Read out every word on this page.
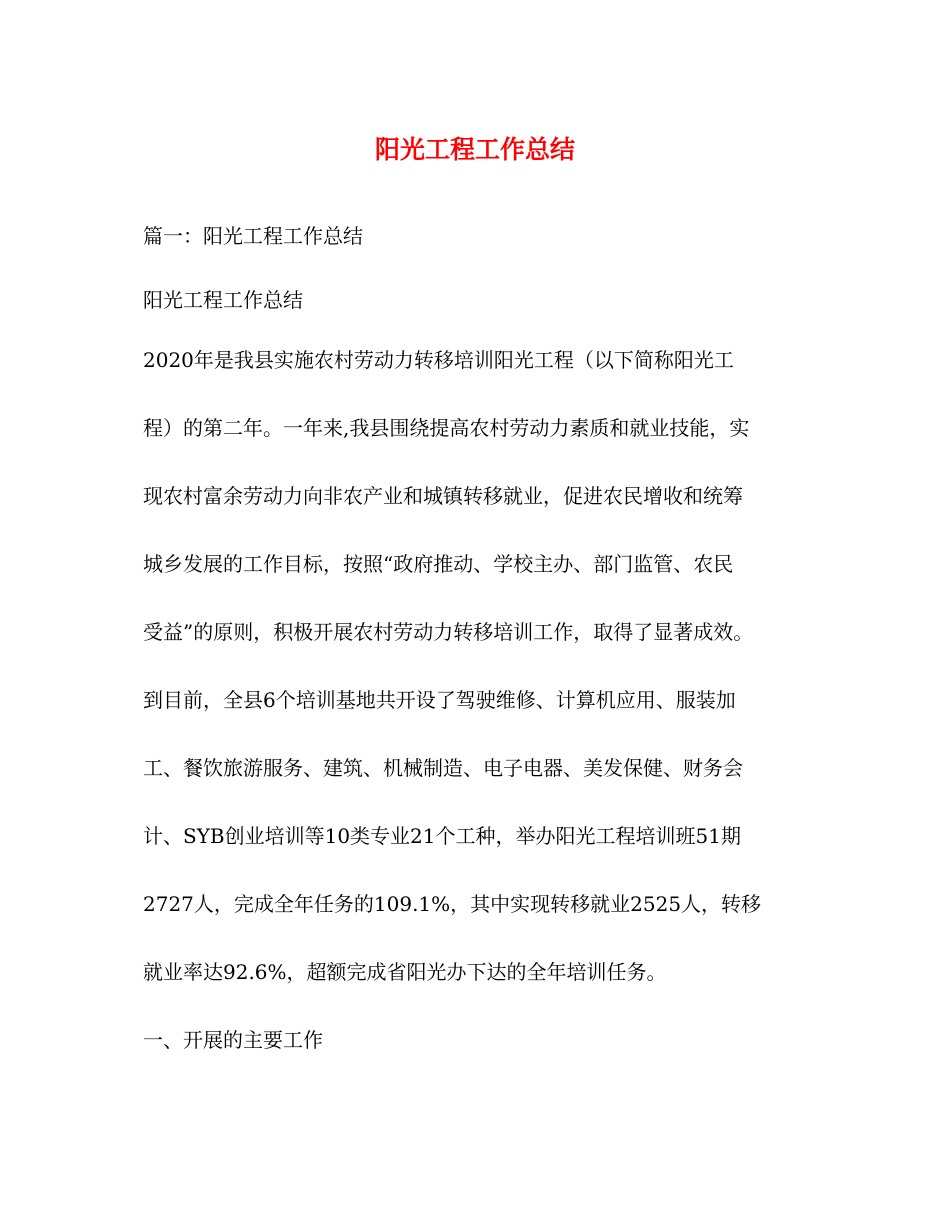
阳光工程工作总结
篇一：阳光工程工作总结
阳光工程工作总结
2020年是我县实施农村劳动力转移培训阳光工程（以下简称阳光工
程）的第二年。一年来,我县围绕提高农村劳动力素质和就业技能，实
现农村富余劳动力向非农产业和城镇转移就业，促进农民增收和统筹
城乡发展的工作目标，按照“政府推动、学校主办、部门监管、农民
受益”的原则，积极开展农村劳动力转移培训工作，取得了显著成效。
到目前，全县6个培训基地共开设了驾驶维修、计算机应用、服装加
工、餐饮旅游服务、建筑、机械制造、电子电器、美发保健、财务会
计、SYB创业培训等10类专业21个工种，举办阳光工程培训班51期
2727人，完成全年任务的109.1%，其中实现转移就业2525人，转移
就业率达92.6%，超额完成省阳光办下达的全年培训任务。
一、开展的主要工作
